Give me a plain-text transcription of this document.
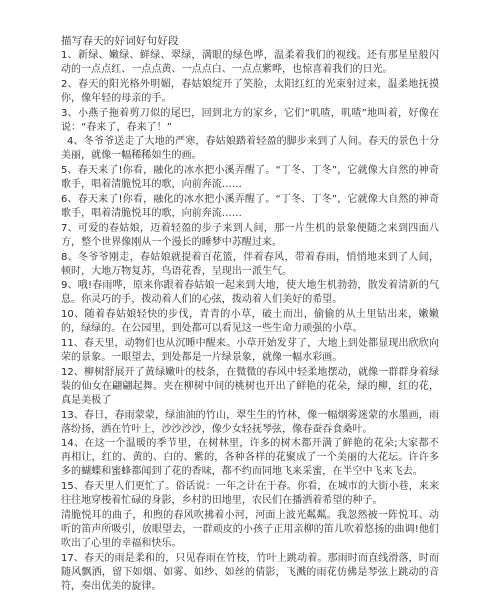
描写春天的好词好句好段

1、新绿、嫩绿、鲜绿、翠绿，满眼的绿色哗，温柔着我们的视线。还有那星星般闪动的一点点红、一点点黄、一点点白、一点点紫哗，也惊喜着我们的日光。

2、春天的阳光格外明媚，春姑娘绽开了笑脸，太阳红红的光束射过来，温柔地抚摸你，像年轻的母亲的手。

3、小燕子拖着剪刀似的尾巴，回到北方的家乡，它们“叽喳，叽喳”地叫着，好像在说：“春来了，春来了！”

4、冬爷爷送走了大地的严寒，春姑娘踏着轻盈的脚步来到了人间。春天的景色十分美丽，就像一幅稀稀如生的画。

5、春天来了!你看，融化的冰水把小溪弄醒了。“丁冬、丁冬”，它就像大自然的神奇歌手，唱着清脆悦耳的歌，向前奔流……

6、春天来了!你看，融化的冰水把小溪弄醒了。“丁冬、丁冬”，它就像大自然的神奇歌手，唱着清脆悦耳的歌，向前奔流……

7、可爱的春姑娘，迈着轻盈的步子来到人间，那一片生机的景象便随之来到四面八方，整个世界像刚从一个漫长的睡梦中苏醒过来。

8、冬爷爷刚走，春姑娘就提着百花篮，伴着春风，带着春雨，悄悄地来到了人间，顿时，大地万物复苏，鸟语花香，呈现出一派生气。

9、哦!春雨哗，原来你跟着春姑娘一起来到大地，使大地生机勃勃，散发着清新的气息。你灵巧的手，拨动着人们的心弦，拨动着人们美好的希望。

10、随着春姑娘轻快的步伐，青青的小草，破土而出，偷偷的从土里钻出来，嫩嫩的，绿绿的。在公园里，到处都可以看见这一些生命力顽强的小草。

11、春天里，动物们也从沉睡中醒来。小草开始发芽了，大地上到处都显现出欣欣向荣的景象。一眼望去，到处都是一片绿景象，就像一幅水彩画。

12、柳树舒展开了黄绿嫩叶的枝条，在微微的春风中轻柔地摆动，就像一群群身着绿装的仙女在翩翩起舞。夹在柳树中间的桃树也开出了鲜艳的花朵，绿的柳，红的花，真是美极了

13、春日，春雨蒙蒙，绿油油的竹山，翠生生的竹林，像一幅烟雾迷蒙的水墨画，雨落纷扬，洒在竹叶上，沙沙沙沙，像少女轻抚琴弦，像春蚕吞食桑叶。

14、在这一个温暖的季节里，在树林里，许多的树木都开满了鲜艳的花朵;大家都不再相让，红的、黄的、白的、紫的，各种各样的花聚成了一个美丽的大花坛。许许多多的蝴蝶和蜜蜂都闻到了花的香味，都不约而同地飞来采蜜，在半空中飞来飞去。

15、春天里人们更忙了。俗话说：一年之计在于春。你看，在城市的大街小巷，来来往往地穿梭着忙碌的身影，乡村的田地里，农民们在播洒着希望的种子。

清脆悦耳的曲子，和煦的春风吹拂着小河，河面上波光粼粼。我忽然被一阵悦耳、动听的笛声所吸引，放眼望去，一群顽皮的小孩子正用亲柳的笛儿吹着悠扬的曲调!他们吹出了心里的幸福和快乐。

17、春天的雨是柔和的，只见春雨在竹枝，竹叶上跳动着。那雨时而直线滑落，时而随风飘洒，留下如烟、如雾、如纱、如丝的倩影，飞溅的雨花仿佛是琴弦上跳动的音符，奏出优美的旋律。
